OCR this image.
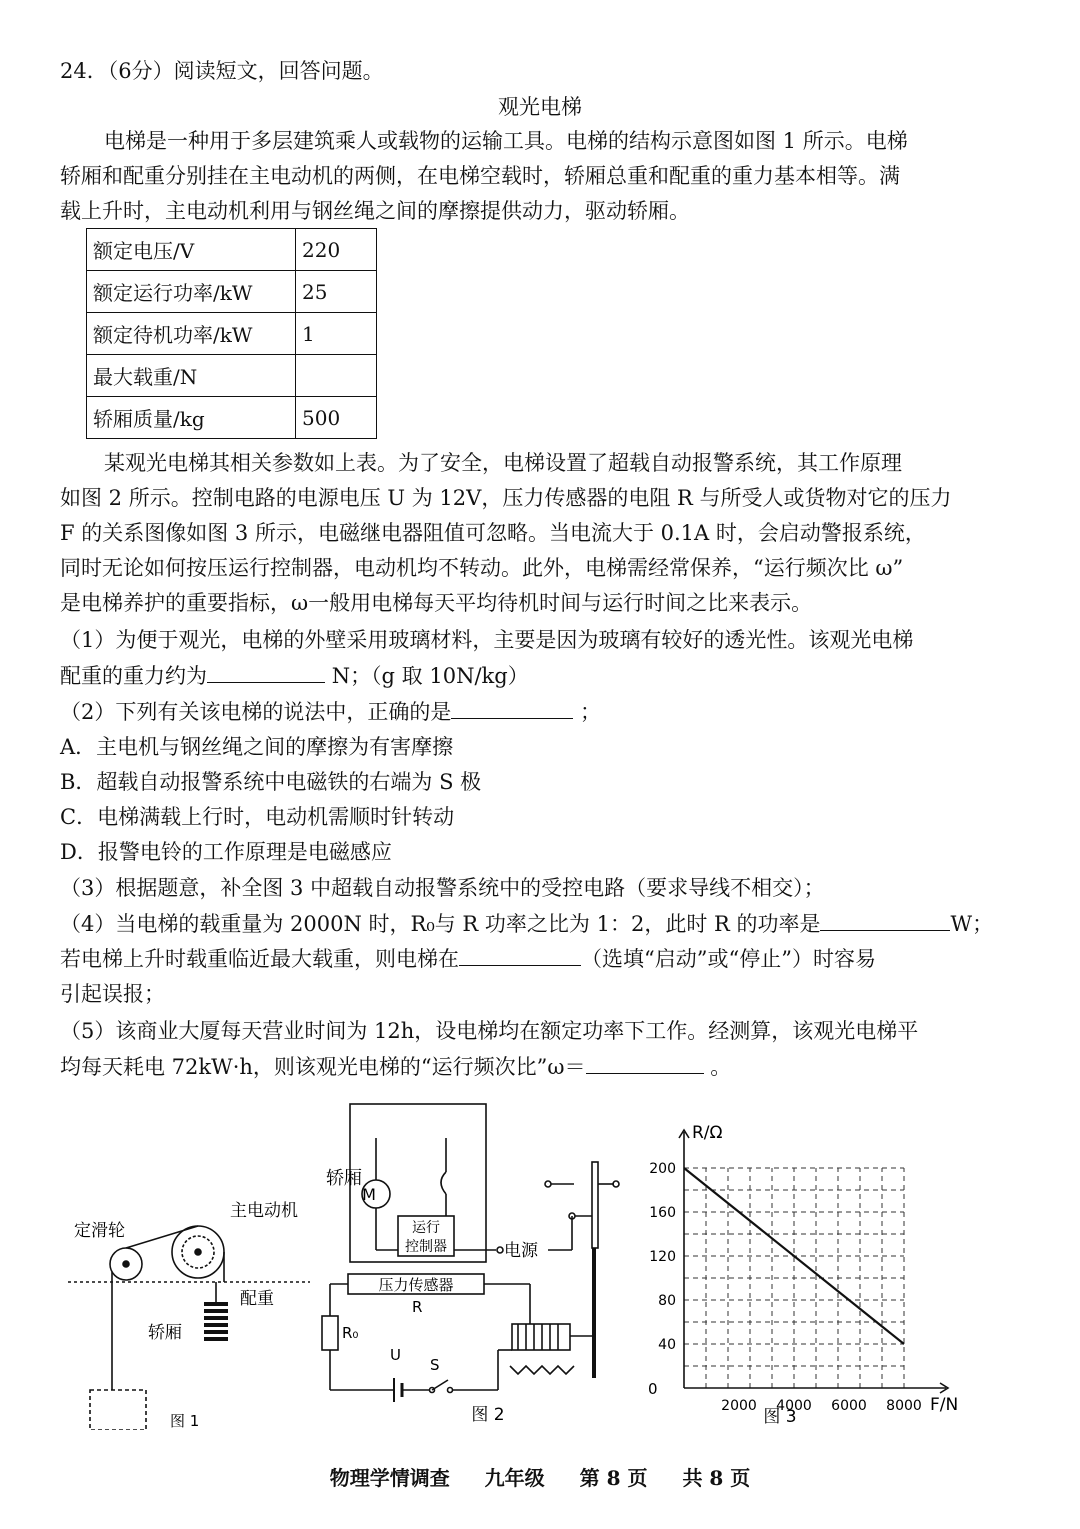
24．（6分）阅读短文，回答问题。
观光电梯
电梯是一种用于多层建筑乘人或载物的运输工具。电梯的结构示意图如图 1 所示。电梯
轿厢和配重分别挂在主电动机的两侧，在电梯空载时，轿厢总重和配重的重力基本相等。满
载上升时，主电动机利用与钢丝绳之间的摩擦提供动力，驱动轿厢。
额定电压/V	220
额定运行功率/kW	25
额定待机功率/kW	1
最大载重/N	
轿厢质量/kg	500
某观光电梯其相关参数如上表。为了安全，电梯设置了超载自动报警系统，其工作原理
如图 2 所示。控制电路的电源电压 U 为 12V，压力传感器的电阻 R 与所受人或货物对它的压力
F 的关系图像如图 3 所示，电磁继电器阻值可忽略。当电流大于 0.1A 时，会启动警报系统，
同时无论如何按压运行控制器，电动机均不转动。此外，电梯需经常保养，“运行频次比 ω”
是电梯养护的重要指标，ω一般用电梯每天平均待机时间与运行时间之比来表示。
（1）为便于观光，电梯的外壁采用玻璃材料，主要是因为玻璃有较好的透光性。该观光电梯
配重的重力约为	N；（g 取 10N/kg）
（2）下列有关该电梯的说法中，正确的是	；
A．主电机与钢丝绳之间的摩擦为有害摩擦
B．超载自动报警系统中电磁铁的右端为 S 极
C．电梯满载上行时，电动机需顺时针转动
D．报警电铃的工作原理是电磁感应
（3）根据题意，补全图 3 中超载自动报警系统中的受控电路（要求导线不相交）；
（4）当电梯的载重量为 2000N 时，R₀与 R 功率之比为 1：2，此时 R 的功率是	W；
若电梯上升时载重临近最大载重，则电梯在	（选填“启动”或“停止”）时容易
引起误报；
（5）该商业大厦每天营业时间为 12h，设电梯均在额定功率下工作。经测算，该观光电梯平
均每天耗电 72kW·h，则该观光电梯的“运行频次比”ω＝	。
定滑轮
主电动机
配重
轿厢
图 1
轿厢
M
运行
控制器	电源
压力传感器
R
R₀
U
S
图 2	2000 4000 6000 8000
40
80
120
160
200
R/Ω
F/N
0
图 3
物理学情调查 九年级 第 8 页 共 8 页
